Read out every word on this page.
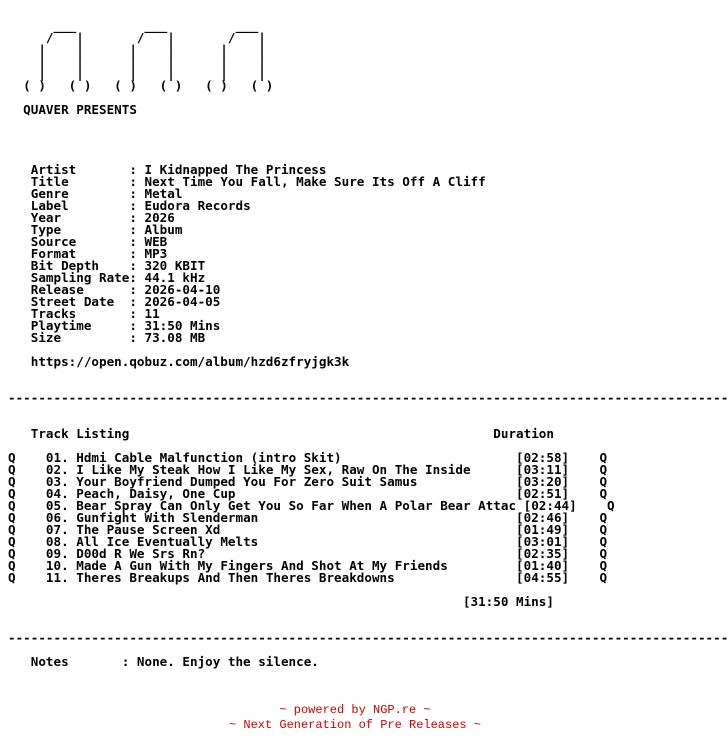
___         ___         ___
/   |       /   |       /   |
|    |      |    |      |    |
|    |      |    |      |    |
|    |      |    |      |    |
( )   ( )   ( )   ( )   ( )   ( )
QUAVER PRESENTS
Artist       : I Kidnapped The Princess
Title        : Next Time You Fall, Make Sure Its Off A Cliff
Genre        : Metal
Label        : Eudora Records
Year         : 2026
Type         : Album
Source       : WEB
Format       : MP3
Bit Depth    : 320 KBIT
Sampling Rate: 44.1 kHz
Release      : 2026-04-10
Street Date  : 2026-04-05
Tracks       : 11
Playtime     : 31:50 Mins
Size         : 73.08 MB
https://open.qobuz.com/album/hzd6zfryjgk3k
-----------------------------------------------------------------------------------------------
Track Listing	Duration
Q    01. Hdmi Cable Malfunction (intro Skit)                       [02:58]    Q
Q    02. I Like My Steak How I Like My Sex, Raw On The Inside      [03:11]    Q
Q    03. Your Boyfriend Dumped You For Zero Suit Samus             [03:20]    Q
Q    04. Peach, Daisy, One Cup                                     [02:51]    Q
Q    05. Bear Spray Can Only Get You So Far When A Polar Bear Attac [02:44]    Q
Q    06. Gunfight With Slenderman                                  [02:46]    Q
Q    07. The Pause Screen Xd                                       [01:49]    Q
Q    08. All Ice Eventually Melts                                  [03:01]    Q
Q    09. D00d R We Srs Rn?                                         [02:35]    Q
Q    10. Made A Gun With My Fingers And Shot At My Friends         [01:40]    Q
Q    11. Theres Breakups And Then Theres Breakdowns                [04:55]    Q
[31:50 Mins]
-----------------------------------------------------------------------------------------------
Notes       : None. Enjoy the silence.
~ powered by NGP.re ~
~ Next Generation of Pre Releases ~
